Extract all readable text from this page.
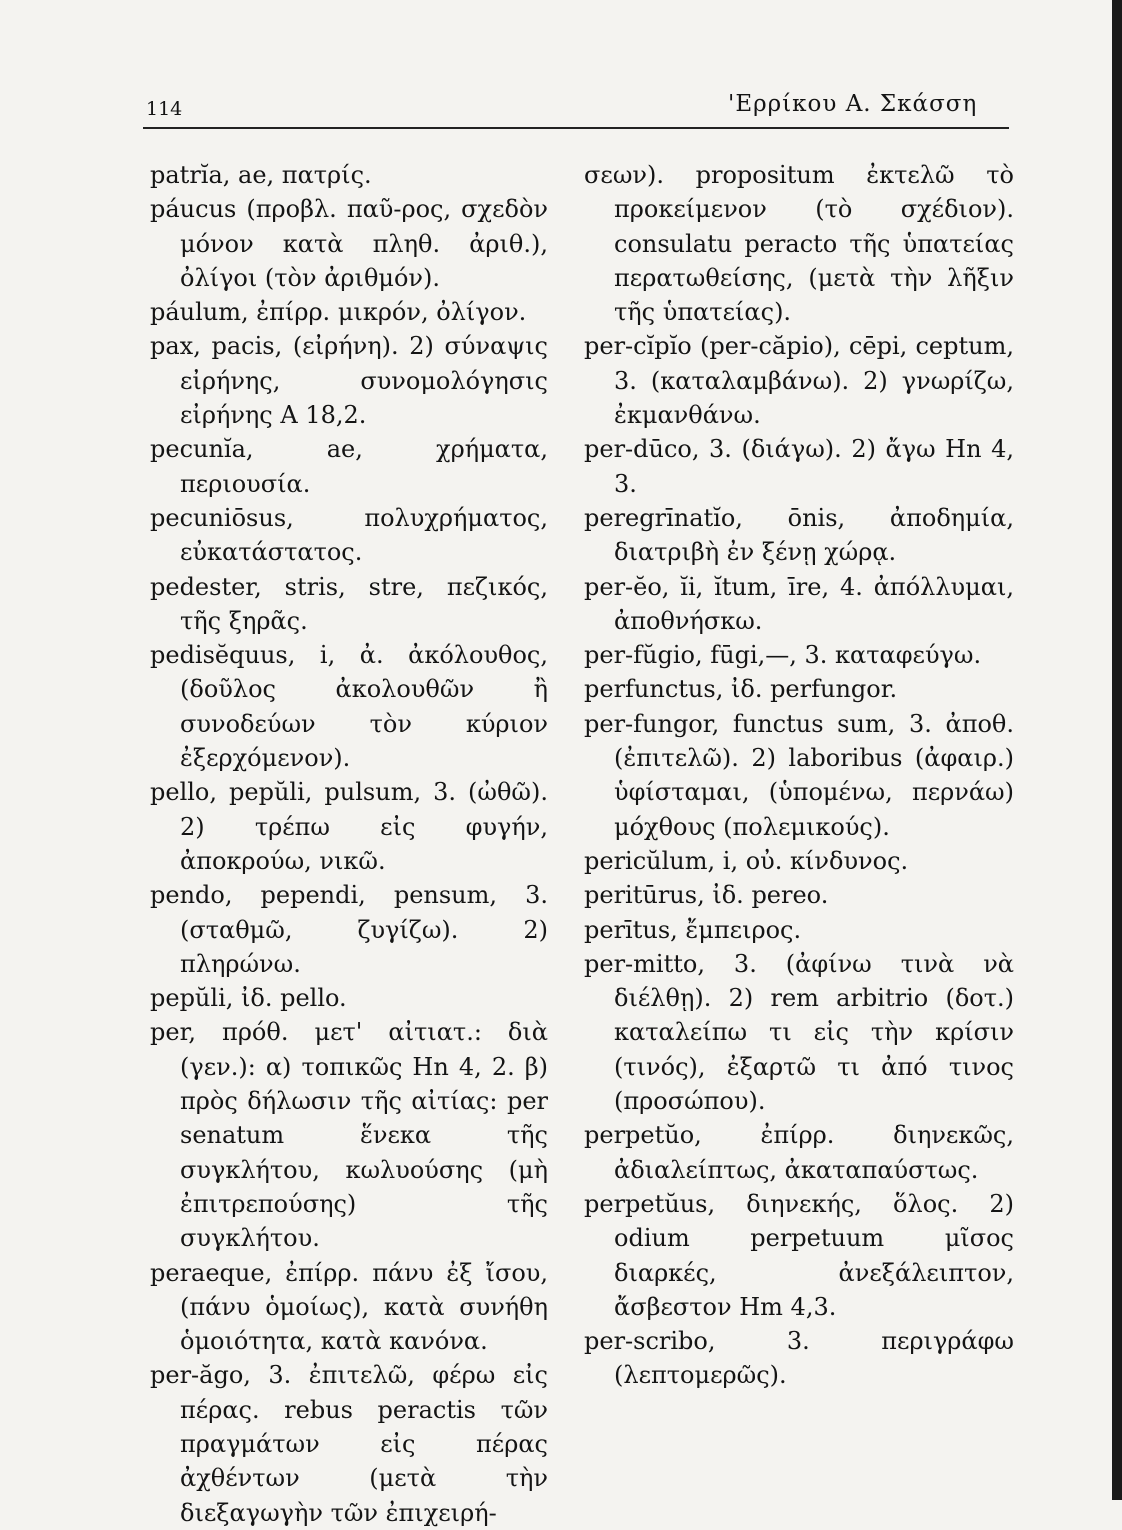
114	'Ερρίκου Α. Σκάσση

patrĭa, ae, πατρίς.

páucus (προβλ. παῦ-ρος, σχεδὸν μόνον κατὰ πληθ. ἀριθ.), ὀλίγοι (τὸν ἀριθμόν).

páulum, ἐπίρρ. μικρόν, ὀλίγον.

pax, pacis, (εἰρήνη). 2) σύναψις εἰρήνης, συνομολόγησις εἰρήνης A 18,2.

pecunĭa, ae, χρήματα, περιουσία.

pecuniōsus, πολυχρήματος, εὐκατάστατος.

pedester, stris, stre, πεζικός, τῆς ξηρᾶς.

pedisĕquus, i, ἀ. ἀκόλουθος, (δοῦλος ἀκολουθῶν ἢ συνοδεύων τὸν κύριον ἐξερχόμενον).

pello, pepŭli, pulsum, 3. (ὠθῶ). 2) τρέπω εἰς φυγήν, ἀποκρούω, νικῶ.

pendo, pependi, pensum, 3. (σταθμῶ, ζυγίζω). 2) πληρώνω.

pepŭli, ἰδ. pello.

per, πρόθ. μετ' αἰτιατ.: διὰ (γεν.): α) τοπικῶς Hn 4, 2. β) πρὸς δήλωσιν τῆς αἰτίας: per senatum ἕνεκα τῆς συγκλήτου, κωλυούσης (μὴ ἐπιτρεπούσης) τῆς συγκλήτου.

peraeque, ἐπίρρ. πάνυ ἐξ ἴσου, (πάνυ ὁμοίως), κατὰ συνήθη ὁμοιότητα, κατὰ κανόνα.

per-ăgo, 3. ἐπιτελῶ, φέρω εἰς πέρας. rebus peractis τῶν πραγμάτων εἰς πέρας ἀχθέντων (μετὰ τὴν διεξαγωγὴν τῶν ἐπιχειρή-

σεων). propositum ἐκτελῶ τὸ προκείμενον (τὸ σχέδιον). consulatu peracto τῆς ὑπατείας περατωθείσης, (μετὰ τὴν λῆξιν τῆς ὑπατείας).

per-cĭpĭo (per-căpio), cēpi, ceptum, 3. (καταλαμβάνω). 2) γνωρίζω, ἐκμανθάνω.

per-dūco, 3. (διάγω). 2) ἄγω Hn 4, 3.

peregrīnatĭo, ōnis, ἀποδημία, διατριβὴ ἐν ξένῃ χώρᾳ.

per-ĕo, ĭi, ĭtum, īre, 4. ἀπόλλυμαι, ἀποθνήσκω.

per-fŭgio, fūgi,—, 3. καταφεύγω.

perfunctus, ἰδ. perfungor.

per-fungor, functus sum, 3. ἀποθ. (ἐπιτελῶ). 2) laboribus (ἀφαιρ.) ὑφίσταμαι, (ὑπομένω, περνάω) μόχθους (πολεμικούς).

pericŭlum, i, οὐ. κίνδυνος.

peritūrus, ἰδ. pereo.

perītus, ἔμπειρος.

per-mitto, 3. (ἀφίνω τινὰ νὰ διέλθῃ). 2) rem arbitrio (δοτ.) καταλείπω τι εἰς τὴν κρίσιν (τινός), ἐξαρτῶ τι ἀπό τινος (προσώπου).

perpetŭo, ἐπίρρ. διηνεκῶς, ἀδιαλείπτως, ἀκαταπαύστως.

perpetŭus, διηνεκής, ὅλος. 2) odium perpetuum μῖσος διαρκές, ἀνεξάλειπτον, ἄσβεστον Hm 4,3.

per-scribo, 3. περιγράφω (λεπτομερῶς).
